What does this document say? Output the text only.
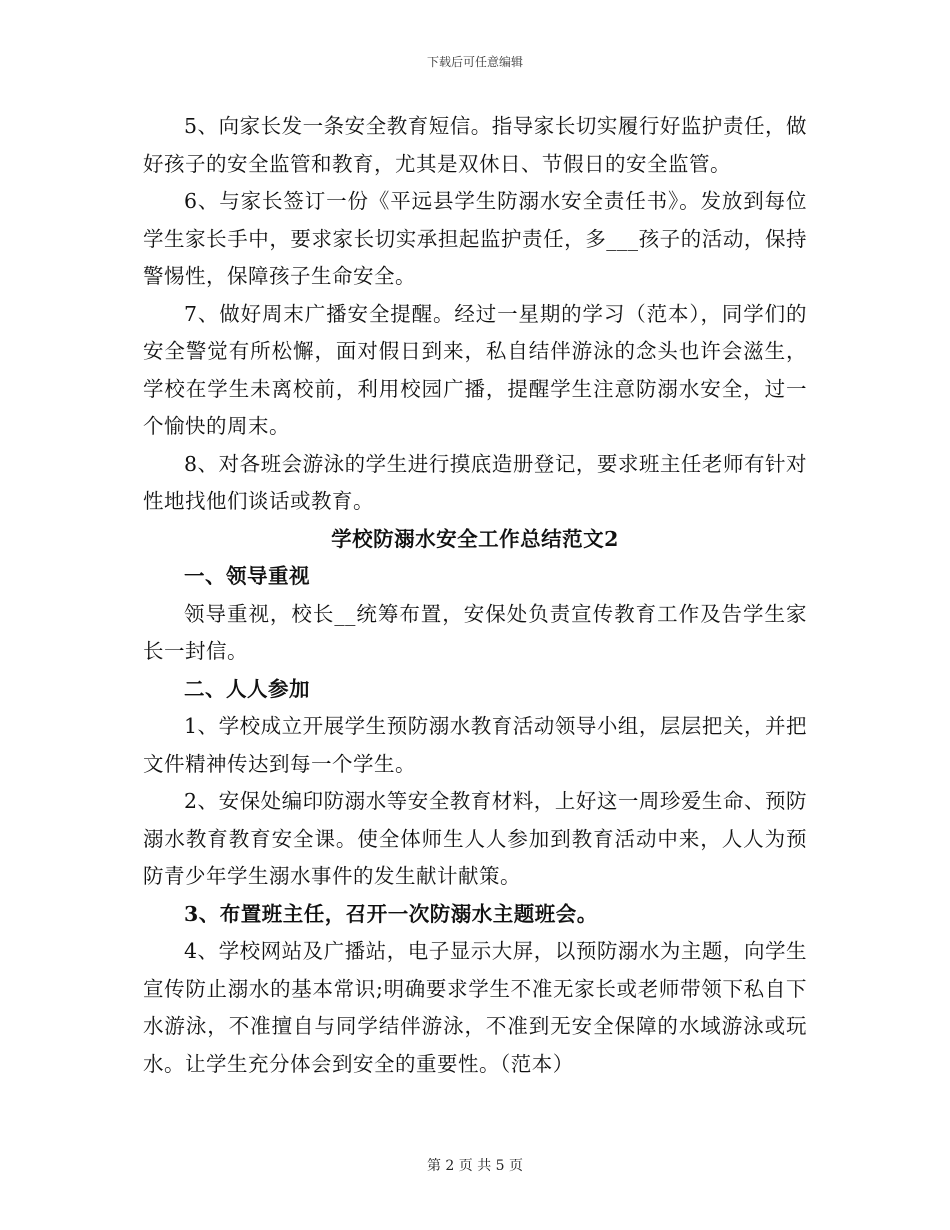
下载后可任意编辑

5、向家长发一条安全教育短信。指导家长切实履行好监护责任，做好孩子的安全监管和教育，尤其是双休日、节假日的安全监管。

6、与家长签订一份《平远县学生防溺水安全责任书》。发放到每位学生家长手中，要求家长切实承担起监护责任，多___孩子的活动，保持警惕性，保障孩子生命安全。

7、做好周末广播安全提醒。经过一星期的学习（范本），同学们的安全警觉有所松懈，面对假日到来，私自结伴游泳的念头也许会滋生，学校在学生未离校前，利用校园广播，提醒学生注意防溺水安全，过一个愉快的周末。

8、对各班会游泳的学生进行摸底造册登记，要求班主任老师有针对性地找他们谈话或教育。

学校防溺水安全工作总结范文2

一、领导重视

领导重视，校长__统筹布置，安保处负责宣传教育工作及告学生家长一封信。

二、人人参加

1、学校成立开展学生预防溺水教育活动领导小组，层层把关，并把文件精神传达到每一个学生。

2、安保处编印防溺水等安全教育材料，上好这一周珍爱生命、预防溺水教育教育安全课。使全体师生人人参加到教育活动中来，人人为预防青少年学生溺水事件的发生献计献策。

3、布置班主任，召开一次防溺水主题班会。

4、学校网站及广播站，电子显示大屏，以预防溺水为主题，向学生宣传防止溺水的基本常识;明确要求学生不准无家长或老师带领下私自下水游泳，不准擅自与同学结伴游泳，不准到无安全保障的水域游泳或玩水。让学生充分体会到安全的重要性。（范本）

第 2 页 共 5 页
